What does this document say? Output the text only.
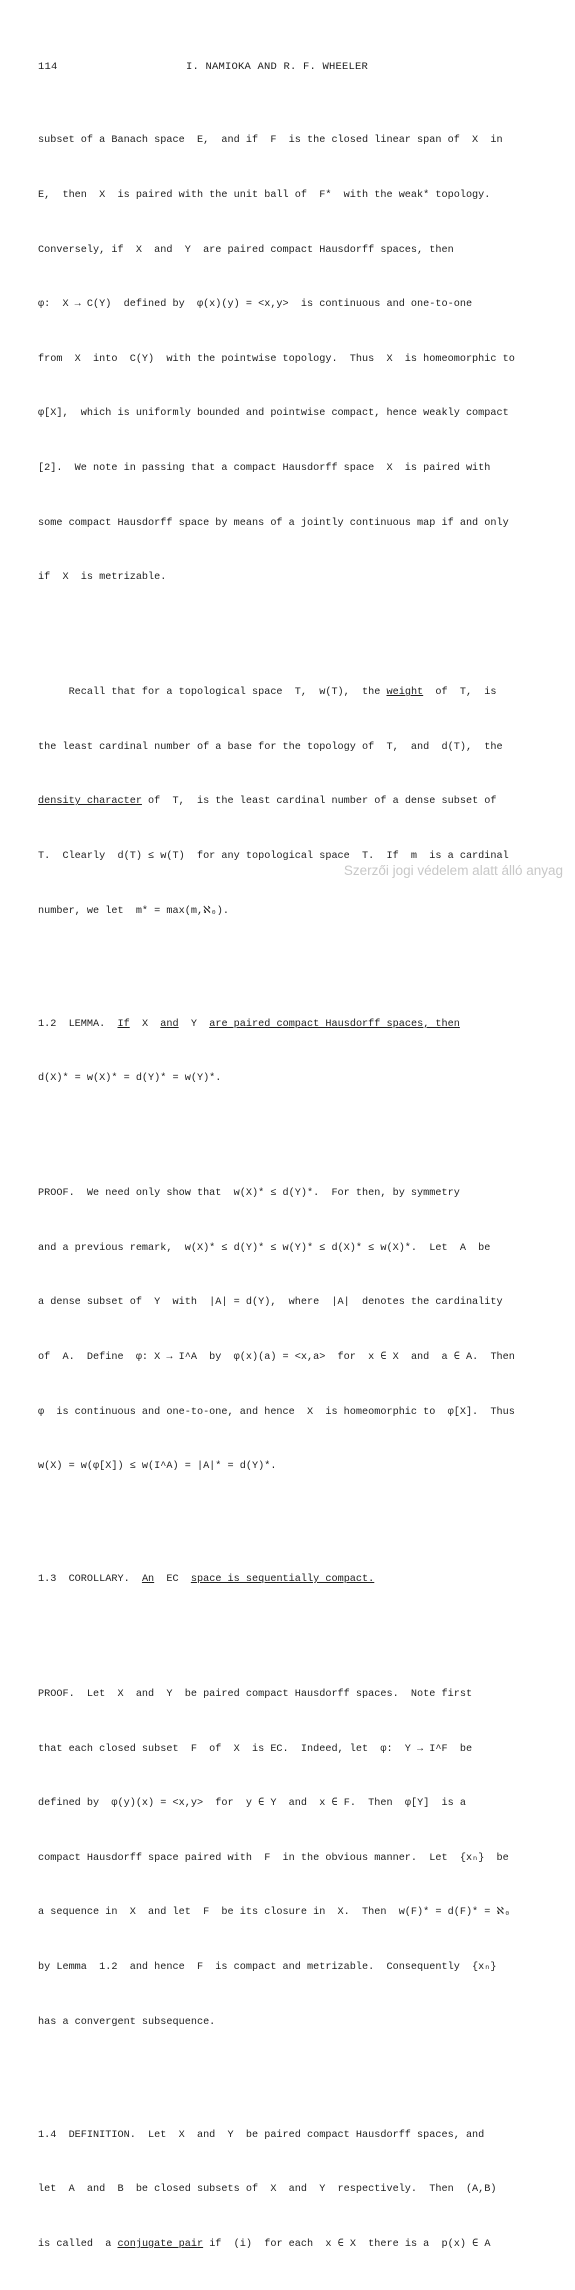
114	I. NAMIOKA AND R. F. WHEELER

subset of a Banach space  E,  and if  F  is the closed linear span of  X  in

E,  then  X  is paired with the unit ball of  F*  with the weak* topology.

Conversely, if  X  and  Y  are paired compact Hausdorff spaces, then

φ:  X → C(Y)  defined by  φ(x)(y) = <x,y>  is continuous and one-to-one

from  X  into  C(Y)  with the pointwise topology.  Thus  X  is homeomorphic to

φ[X],  which is uniformly bounded and pointwise compact, hence weakly compact

[2].  We note in passing that a compact Hausdorff space  X  is paired with

some compact Hausdorff space by means of a jointly continuous map if and only

if  X  is metrizable.

Recall that for a topological space  T,  w(T),  the weight  of  T,  is

the least cardinal number of a base for the topology of  T,  and  d(T),  the

density character of  T,  is the least cardinal number of a dense subset of

T.  Clearly  d(T) ≤ w(T)  for any topological space  T.  If  m  is a cardinal

number, we let  m* = max(m,ℵ₀).

1.2  LEMMA.  If  X  and  Y  are paired compact Hausdorff spaces, then

d(X)* = w(X)* = d(Y)* = w(Y)*.

PROOF.  We need only show that  w(X)* ≤ d(Y)*.  For then, by symmetry

and a previous remark,  w(X)* ≤ d(Y)* ≤ w(Y)* ≤ d(X)* ≤ w(X)*.  Let  A  be

a dense subset of  Y  with  |A| = d(Y),  where  |A|  denotes the cardinality

of  A.  Define  φ: X → I^A  by  φ(x)(a) = <x,a>  for  x ∈ X  and  a ∈ A.  Then

φ  is continuous and one-to-one, and hence  X  is homeomorphic to  φ[X].  Thus

w(X) = w(φ[X]) ≤ w(I^A) = |A|* = d(Y)*.

1.3  COROLLARY.  An  EC  space is sequentially compact.

PROOF.  Let  X  and  Y  be paired compact Hausdorff spaces.  Note first

that each closed subset  F  of  X  is EC.  Indeed, let  φ:  Y → I^F  be

defined by  φ(y)(x) = <x,y>  for  y ∈ Y  and  x ∈ F.  Then  φ[Y]  is a

compact Hausdorff space paired with  F  in the obvious manner.  Let  {xₙ}  be

a sequence in  X  and let  F  be its closure in  X.  Then  w(F)* = d(F)* = ℵ₀

by Lemma  1.2  and hence  F  is compact and metrizable.  Consequently  {xₙ}

has a convergent subsequence.

1.4  DEFINITION.  Let  X  and  Y  be paired compact Hausdorff spaces, and

let  A  and  B  be closed subsets of  X  and  Y  respectively.  Then  (A,B)

is called  a conjugate pair if  (i)  for each  x ∈ X  there is a  p(x) ∈ A

Szerzői jogi védelem alatt álló anyag
